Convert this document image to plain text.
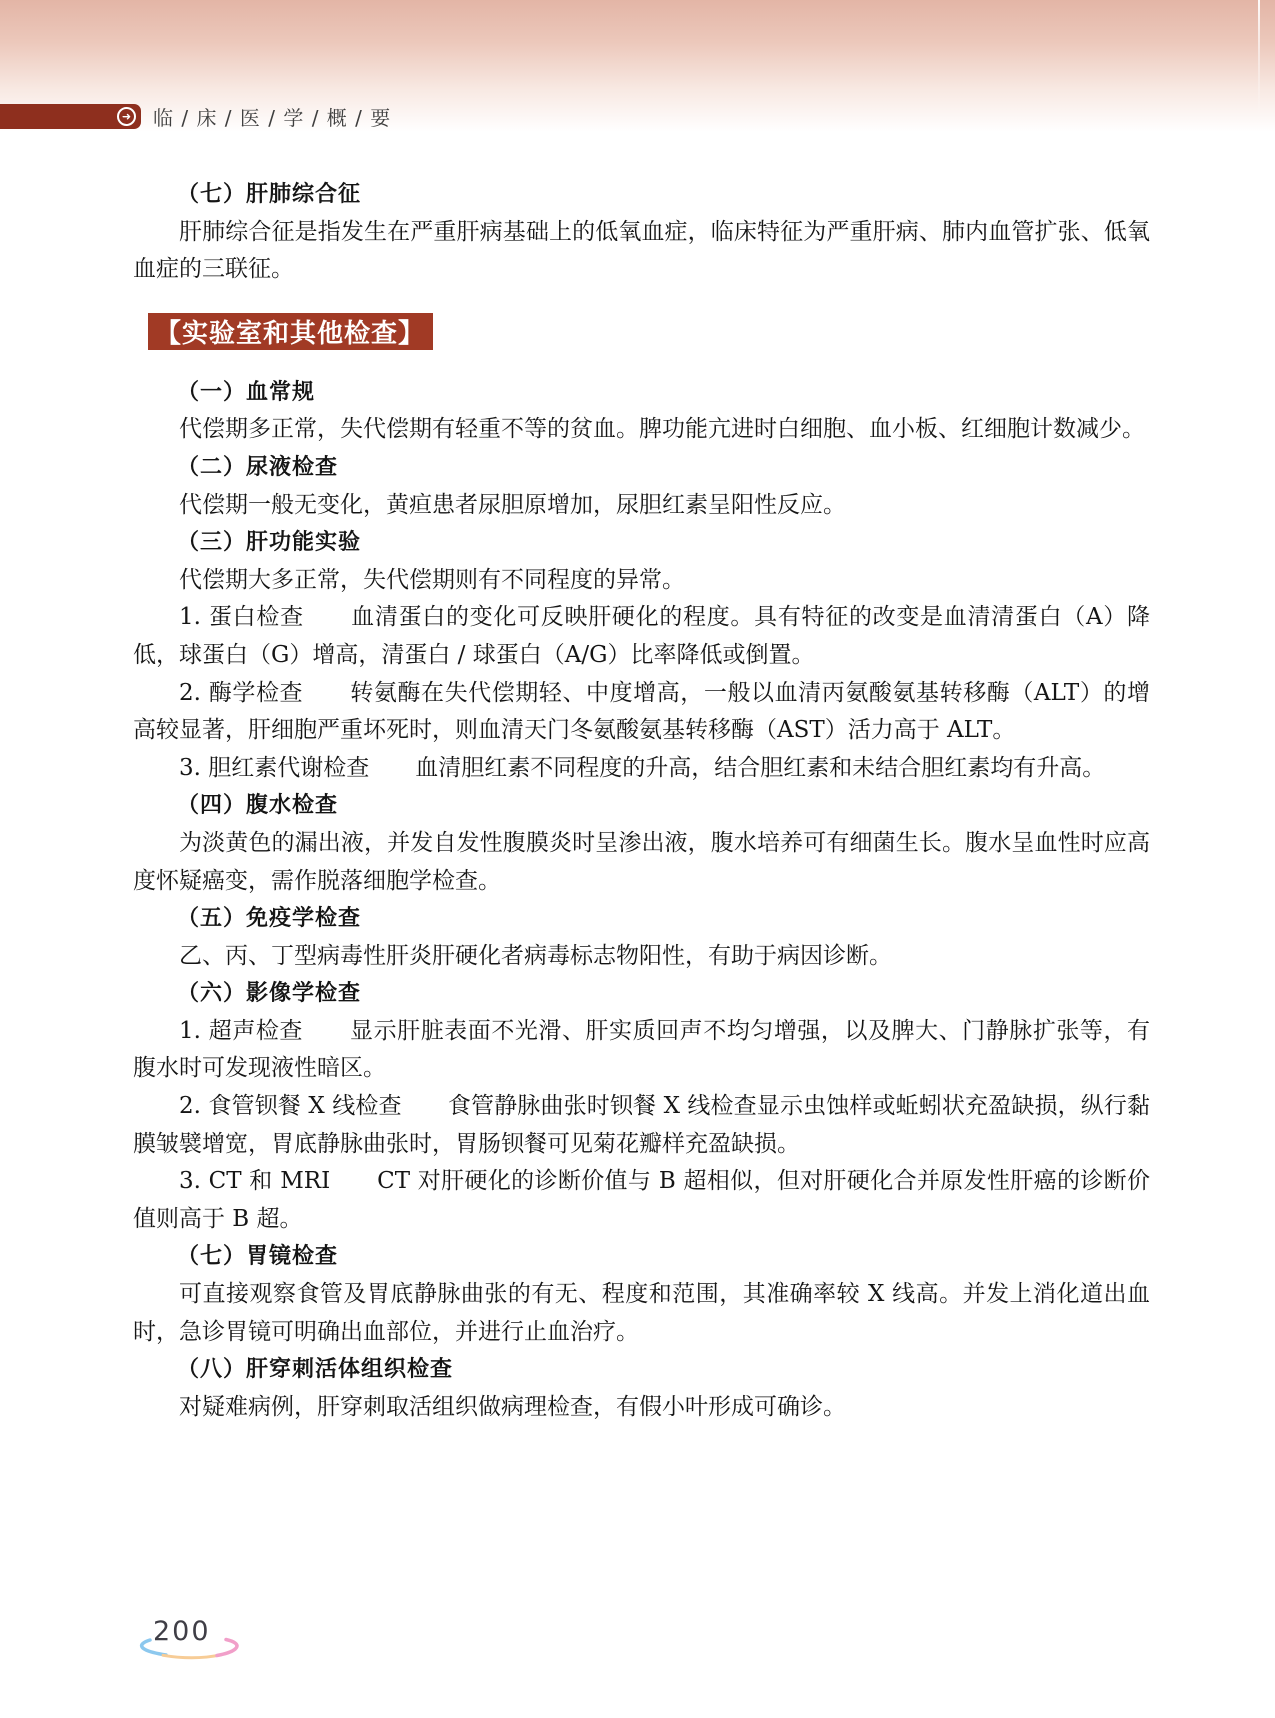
➜ 临 / 床 / 医 / 学 / 概 / 要
（七）肝肺综合征

肝肺综合征是指发生在严重肝病基础上的低氧血症，临床特征为严重肝病、肺内血管扩张、低氧血症的三联征。

【实验室和其他检查】
（一）血常规

代偿期多正常，失代偿期有轻重不等的贫血。脾功能亢进时白细胞、血小板、红细胞计数减少。

（二）尿液检查

代偿期一般无变化，黄疸患者尿胆原增加，尿胆红素呈阳性反应。

（三）肝功能实验

代偿期大多正常，失代偿期则有不同程度的异常。

1. 蛋白检查　　血清蛋白的变化可反映肝硬化的程度。具有特征的改变是血清清蛋白（A）降低，球蛋白（G）增高，清蛋白 / 球蛋白（A/G）比率降低或倒置。

2. 酶学检查　　转氨酶在失代偿期轻、中度增高，一般以血清丙氨酸氨基转移酶（ALT）的增高较显著，肝细胞严重坏死时，则血清天门冬氨酸氨基转移酶（AST）活力高于 ALT。

3. 胆红素代谢检查　　血清胆红素不同程度的升高，结合胆红素和未结合胆红素均有升高。

（四）腹水检查

为淡黄色的漏出液，并发自发性腹膜炎时呈渗出液，腹水培养可有细菌生长。腹水呈血性时应高度怀疑癌变，需作脱落细胞学检查。

（五）免疫学检查

乙、丙、丁型病毒性肝炎肝硬化者病毒标志物阳性，有助于病因诊断。

（六）影像学检查

1. 超声检查　　显示肝脏表面不光滑、肝实质回声不均匀增强，以及脾大、门静脉扩张等，有腹水时可发现液性暗区。

2. 食管钡餐 X 线检查　　食管静脉曲张时钡餐 X 线检查显示虫蚀样或蚯蚓状充盈缺损，纵行黏膜皱襞增宽，胃底静脉曲张时，胃肠钡餐可见菊花瓣样充盈缺损。

3. CT 和 MRI　　CT 对肝硬化的诊断价值与 B 超相似，但对肝硬化合并原发性肝癌的诊断价值则高于 B 超。

（七）胃镜检查

可直接观察食管及胃底静脉曲张的有无、程度和范围，其准确率较 X 线高。并发上消化道出血时，急诊胃镜可明确出血部位，并进行止血治疗。

（八）肝穿刺活体组织检查

对疑难病例，肝穿刺取活组织做病理检查，有假小叶形成可确诊。

200
